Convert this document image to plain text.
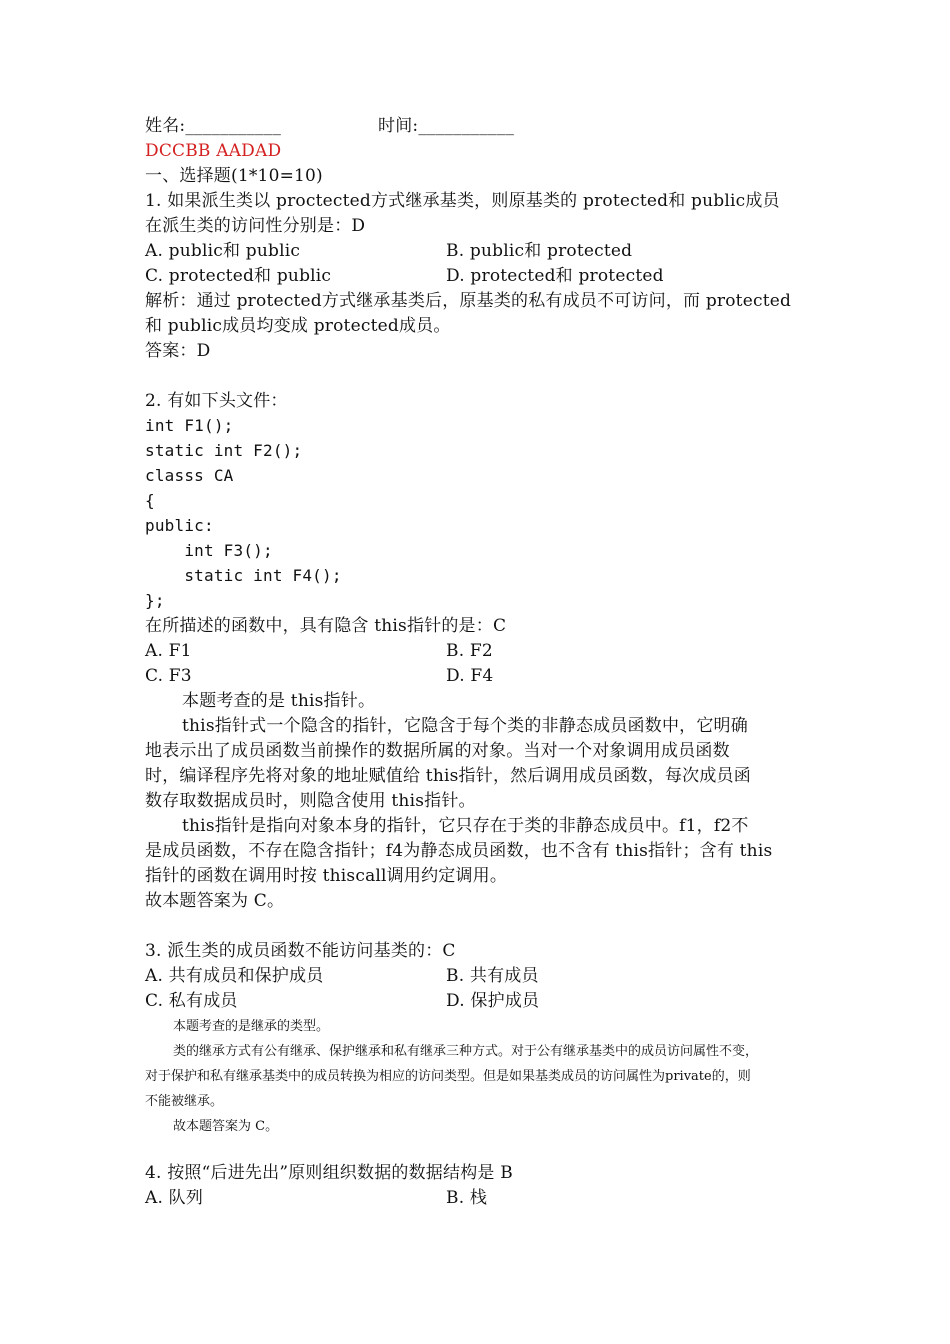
姓名:___________	时间:___________
DCCBB AADAD
一、选择题(1*10=10)
1. 如果派生类以 proctected方式继承基类，则原基类的 protected和 public成员
在派生类的访问性分别是：D
A. public和 public	B. public和 protected
C. protected和 public	D. protected和 protected
解析：通过 protected方式继承基类后，原基类的私有成员不可访问，而 protected
和 public成员均变成 protected成员。
答案：D
2. 有如下头文件：
int F1();
static int F2();
classs CA
{
public:
int F3();
static int F4();
};
在所描述的函数中，具有隐含 this指针的是：C
A. F1	B. F2
C. F3	D. F4
本题考查的是 this指针。
this指针式一个隐含的指针，它隐含于每个类的非静态成员函数中，它明确
地表示出了成员函数当前操作的数据所属的对象。当对一个对象调用成员函数
时，编译程序先将对象的地址赋值给 this指针，然后调用成员函数，每次成员函
数存取数据成员时，则隐含使用 this指针。
this指针是指向对象本身的指针，它只存在于类的非静态成员中。f1，f2不
是成员函数，不存在隐含指针；f4为静态成员函数，也不含有 this指针；含有 this
指针的函数在调用时按 thiscall调用约定调用。
故本题答案为 C。
3. 派生类的成员函数不能访问基类的：C
A. 共有成员和保护成员	B. 共有成员
C. 私有成员	D. 保护成员
本题考查的是继承的类型。
类的继承方式有公有继承、保护继承和私有继承三种方式。对于公有继承基类中的成员访问属性不变，
对于保护和私有继承基类中的成员转换为相应的访问类型。但是如果基类成员的访问属性为private的，则
不能被继承。
故本题答案为 C。
4. 按照“后进先出”原则组织数据的数据结构是 B
A. 队列	B. 栈
